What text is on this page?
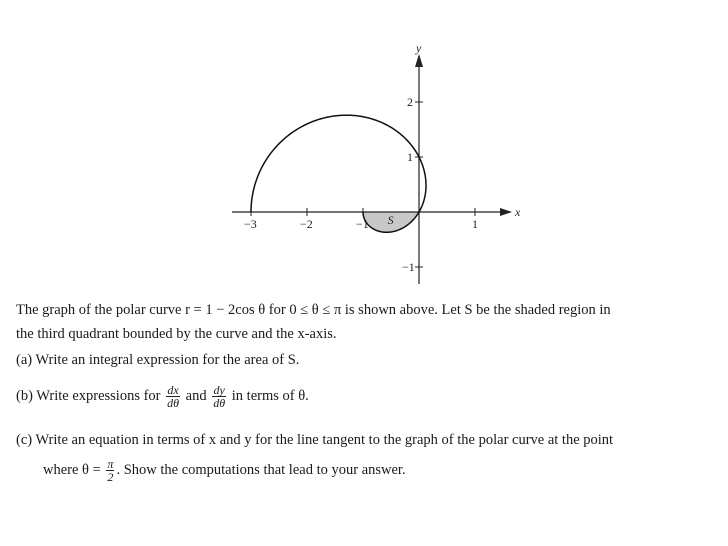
−3	−2	−1	1
2
1
−1
x
y
S
The graph of the polar curve r = 1 − 2cos θ for 0 ≤ θ ≤ π is shown above. Let S be the shaded region in
the third quadrant bounded by the curve and the x-axis.
(a) Write an integral expression for the area of S.
(b) Write expressions for $\frac{dx}{d\theta}$ and $\frac{dy}{d\theta}$ in terms of θ.
(c) Write an equation in terms of x and y for the line tangent to the graph of the polar curve at the point
where $\theta = \frac{\pi}{2}$ . Show the computations that lead to your answer.
